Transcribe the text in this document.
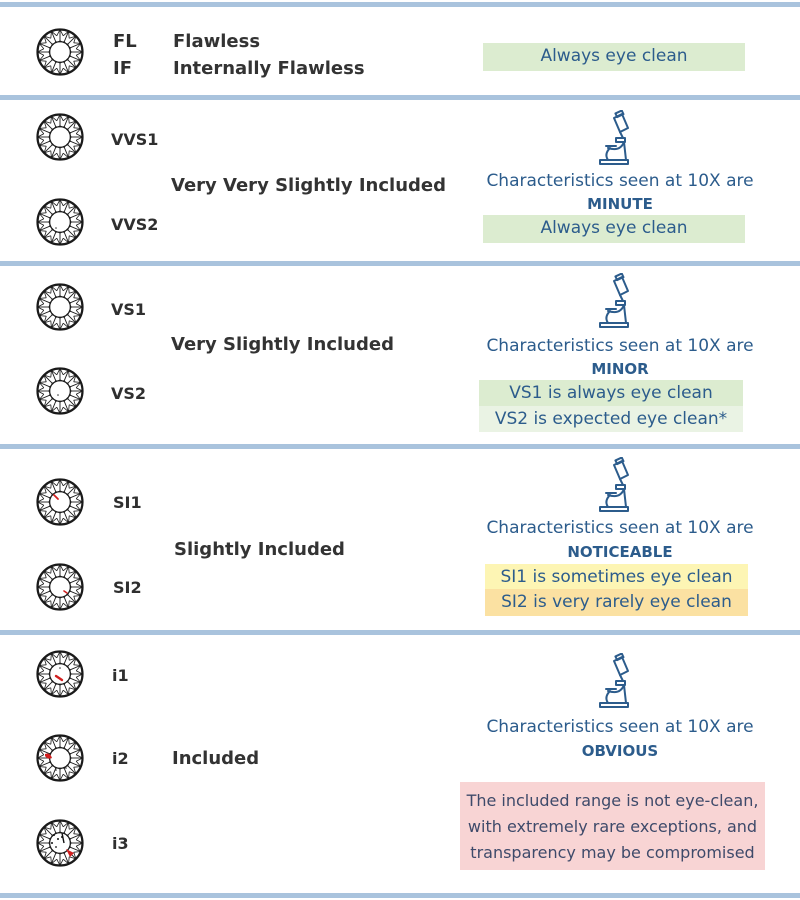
FL
IF
Flawless
Internally Flawless
Always eye clean
VVS1
VVS2
Very Very Slightly Included	Characteristics seen at 10X are
MINUTE
Always eye clean
VS1
VS2
Very Slightly Included	Characteristics seen at 10X are
MINOR
VS1 is always eye clean
VS2 is expected eye clean*
SI1
SI2
Slightly Included
Characteristics seen at 10X are
NOTICEABLE
SI1 is sometimes eye clean
SI2 is very rarely eye clean
i1
i2
i3
Included
Characteristics seen at 10X are
OBVIOUS
The included range is not eye-clean,
with extremely rare exceptions, and
transparency may be compromised
